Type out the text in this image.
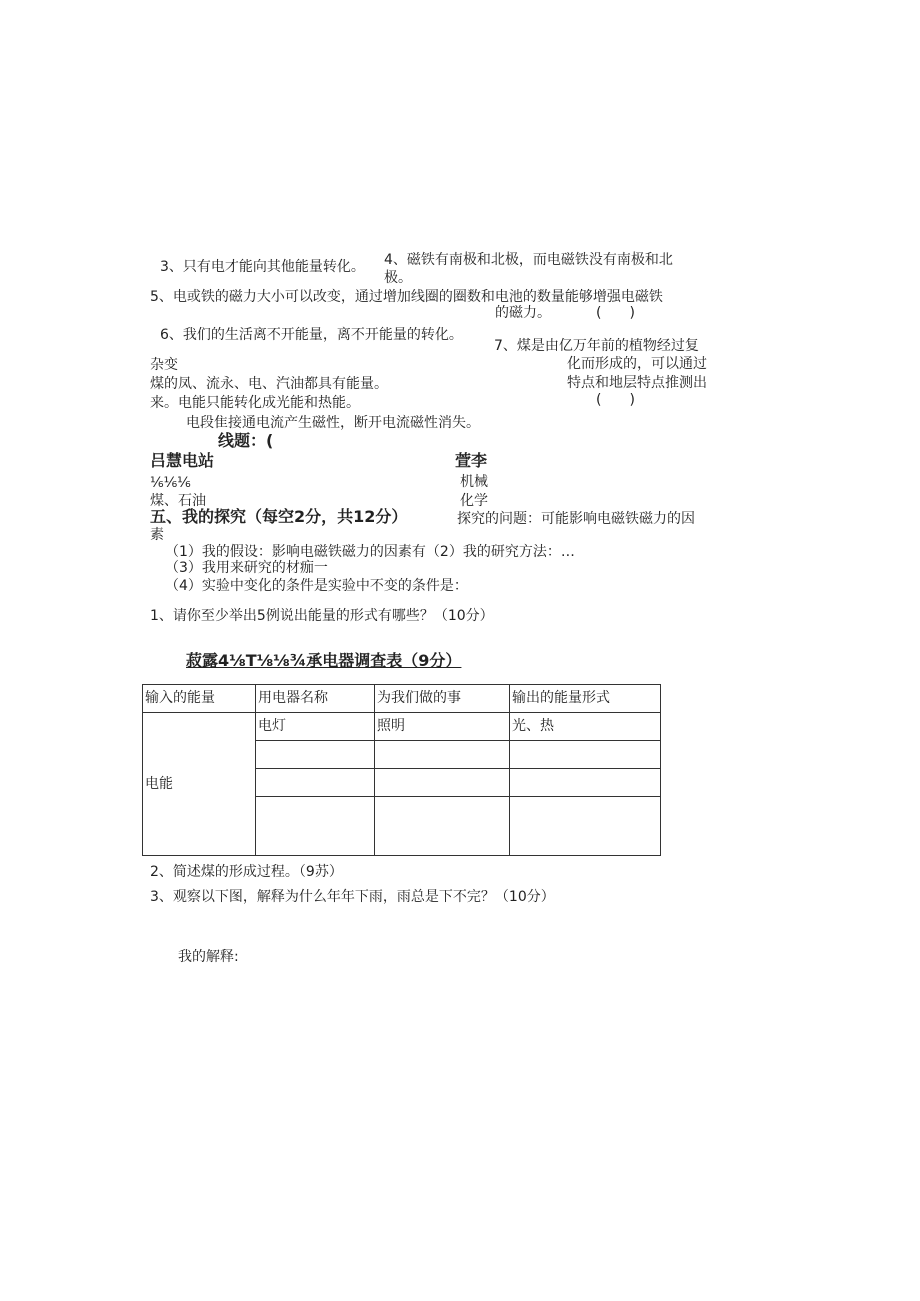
3、只有电才能向其他能量转化。 4、磁铁有南极和北极，而电磁铁没有南极和北
极。
5、电或铁的磁力大小可以改变，通过增加线圈的圈数和电池的数量能够增强电磁铁
的磁力。	(　　)
6、我们的生活离不开能量，离不开能量的转化。
7、煤是由亿万年前的植物经过复
杂变	化而形成的，可以通过
煤的凤、流永、电、汽油都具有能量。	特点和地层特点推测出
来。电能只能转化成光能和热能。	(　　)
电段隹接通电流产生磁性，断开电流磁性消失。
线题：(
吕慧电站	萱李
⅙⅙⅙	机械
煤、石油	化学
五、我的探究（每空2分，共12分）	探究的问题：可能影响电磁铁磁力的因
素
（1）我的假设：影响电磁铁磁力的因素有（2）我的研究方法：…
（3）我用来研究的材痂一
（4）实验中变化的条件是实验中不变的条件是：
1、请你至少举出5例说出能量的形式有哪些？（10分）
菽露4⅛T⅛⅛¾承电器调查表（9分）
输入的能量	用电器名称	为我们做的事	输出的能量形式
电能	电灯	照明	光、热

2、简述煤的形成过程。（9苏）
3、观察以下图，解释为什么年年下雨，雨总是下不完？（10分）
我的解释:
